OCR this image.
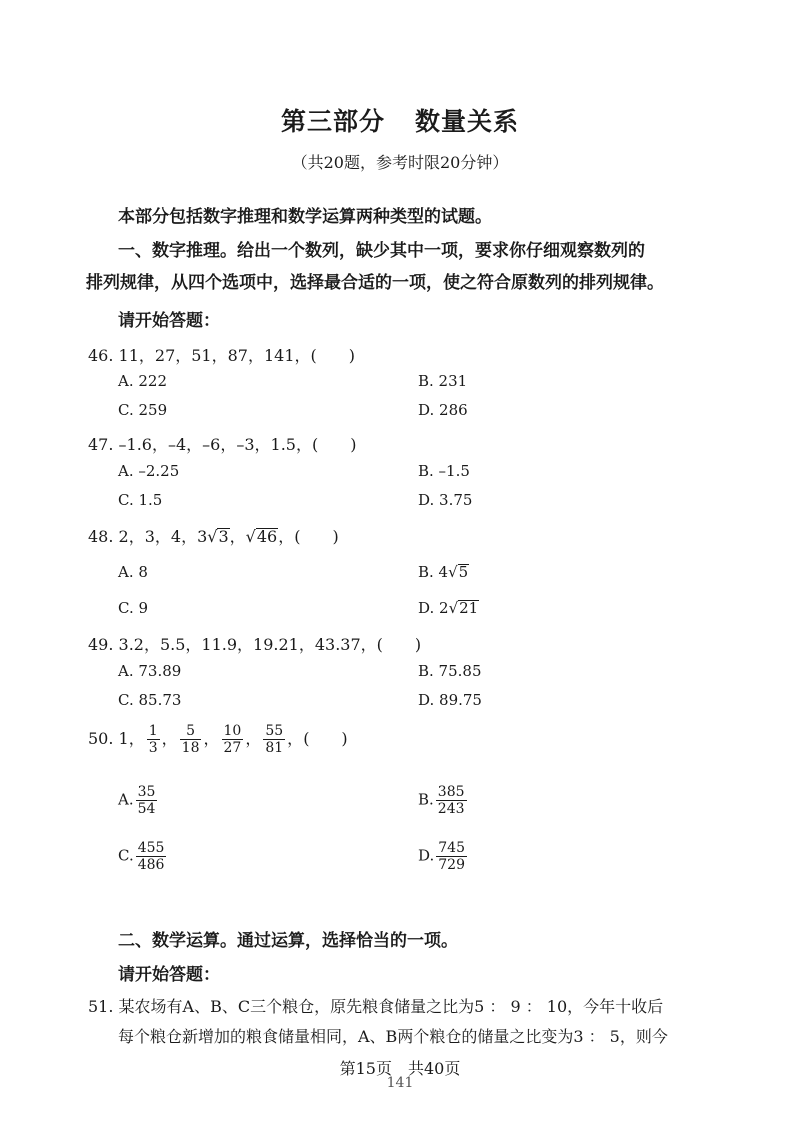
第三部分 数量关系
（共20题，参考时限20分钟）
本部分包括数字推理和数学运算两种类型的试题。
一、数字推理。给出一个数列，缺少其中一项，要求你仔细观察数列的
排列规律，从四个选项中，选择最合适的一项，使之符合原数列的排列规律。
请开始答题：
46. 11，27，51，87，141，(　　)
A. 222	B. 231
C. 259	D. 286
47. –1.6，–4，–6，–3，1.5，(　　)
A. –2.25	B. –1.5
C. 1.5	D. 3.75
48. 2，3，4，3√3，√46，(　　)
A. 8	B. 4√5
C. 9	D. 2√21
49. 3.2，5.5，11.9，19.21，43.37，(　　)
A. 73.89	B. 75.85
C. 85.73	D. 89.75
50. 1， $\frac{1}{3}$ ， $\frac{5}{18}$ ， $\frac{10}{27}$ ， $\frac{55}{81}$ ，(　　)
A. $\frac{35}{54}$	B. $\frac{385}{243}$
C. $\frac{455}{486}$	D. $\frac{745}{729}$
二、数学运算。通过运算，选择恰当的一项。
请开始答题：
51. 某农场有A、B、C三个粮仓，原先粮食储量之比为5 ： 9 ： 10，今年十收后
每个粮仓新增加的粮食储量相同，A、B两个粮仓的储量之比变为3 ： 5，则今
第15页　共40页
141
